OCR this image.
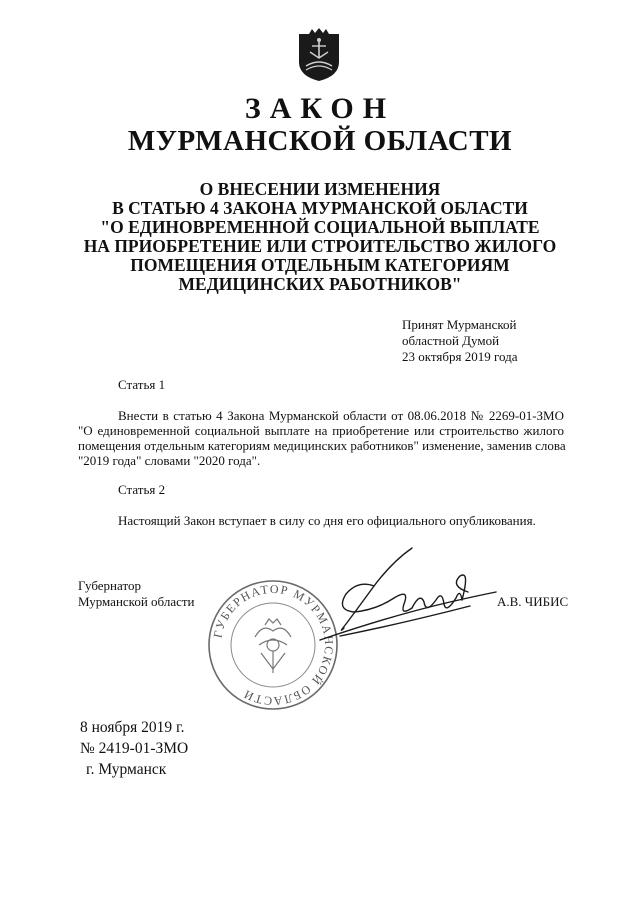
ЗАКОН
МУРМАНСКОЙ ОБЛАСТИ
О ВНЕСЕНИИ ИЗМЕНЕНИЯ
В СТАТЬЮ 4 ЗАКОНА МУРМАНСКОЙ ОБЛАСТИ
"О ЕДИНОВРЕМЕННОЙ СОЦИАЛЬНОЙ ВЫПЛАТЕ
НА ПРИОБРЕТЕНИЕ ИЛИ СТРОИТЕЛЬСТВО ЖИЛОГО
ПОМЕЩЕНИЯ ОТДЕЛЬНЫМ КАТЕГОРИЯМ
МЕДИЦИНСКИХ РАБОТНИКОВ"
Принят Мурманской
областной Думой
23 октября 2019 года
Статья 1
Внести в статью 4 Закона Мурманской области от 08.06.2018 № 2269-01-ЗМО
"О единовременной социальной выплате на приобретение или строительство жилого
помещения отдельным категориям медицинских работников" изменение, заменив слова
"2019 года" словами "2020 года".
Статья 2
Настоящий Закон вступает в силу со дня его официального опубликования.
Губернатор
Мурманской области
ГУБЕРНАТОР МУРМАНСКОЙ ОБЛАСТИ
А.В. ЧИБИС
8 ноября 2019 г.
№ 2419-01-ЗМО
г. Мурманск
